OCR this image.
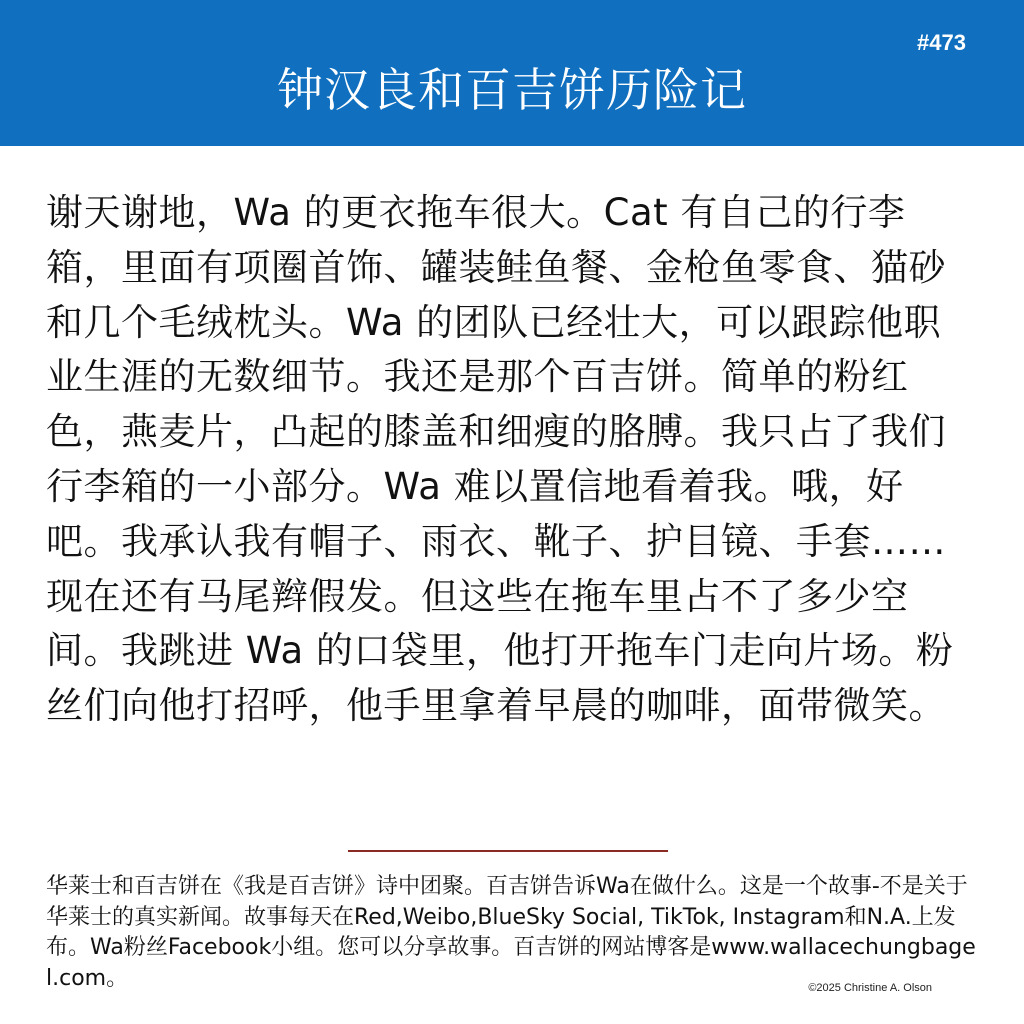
#473
钟汉良和百吉饼历险记

谢天谢地，Wa 的更衣拖车很大。Cat 有自己的行李箱，里面有项圈首饰、罐装鲑鱼餐、金枪鱼零食、猫砂和几个毛绒枕头。Wa 的团队已经壮大，可以跟踪他职业生涯的无数细节。我还是那个百吉饼。简单的粉红色，燕麦片，凸起的膝盖和细瘦的胳膊。我只占了我们行李箱的一小部分。Wa 难以置信地看着我。哦，好吧。我承认我有帽子、雨衣、靴子、护目镜、手套……现在还有马尾辫假发。但这些在拖车里占不了多少空间。我跳进 Wa 的口袋里，他打开拖车门走向片场。粉丝们向他打招呼，他手里拿着早晨的咖啡，面带微笑。

华莱士和百吉饼在《我是百吉饼》诗中团聚。百吉饼告诉Wa在做什么。这是一个故事-不是关于华莱士的真实新闻。故事每天在Red,Weibo,BlueSky Social, TikTok, Instagram和N.A.上发布。Wa粉丝Facebook小组。您可以分享故事。百吉饼的网站博客是www.wallacechungbagel.com。	©2025 Christine A. Olson
